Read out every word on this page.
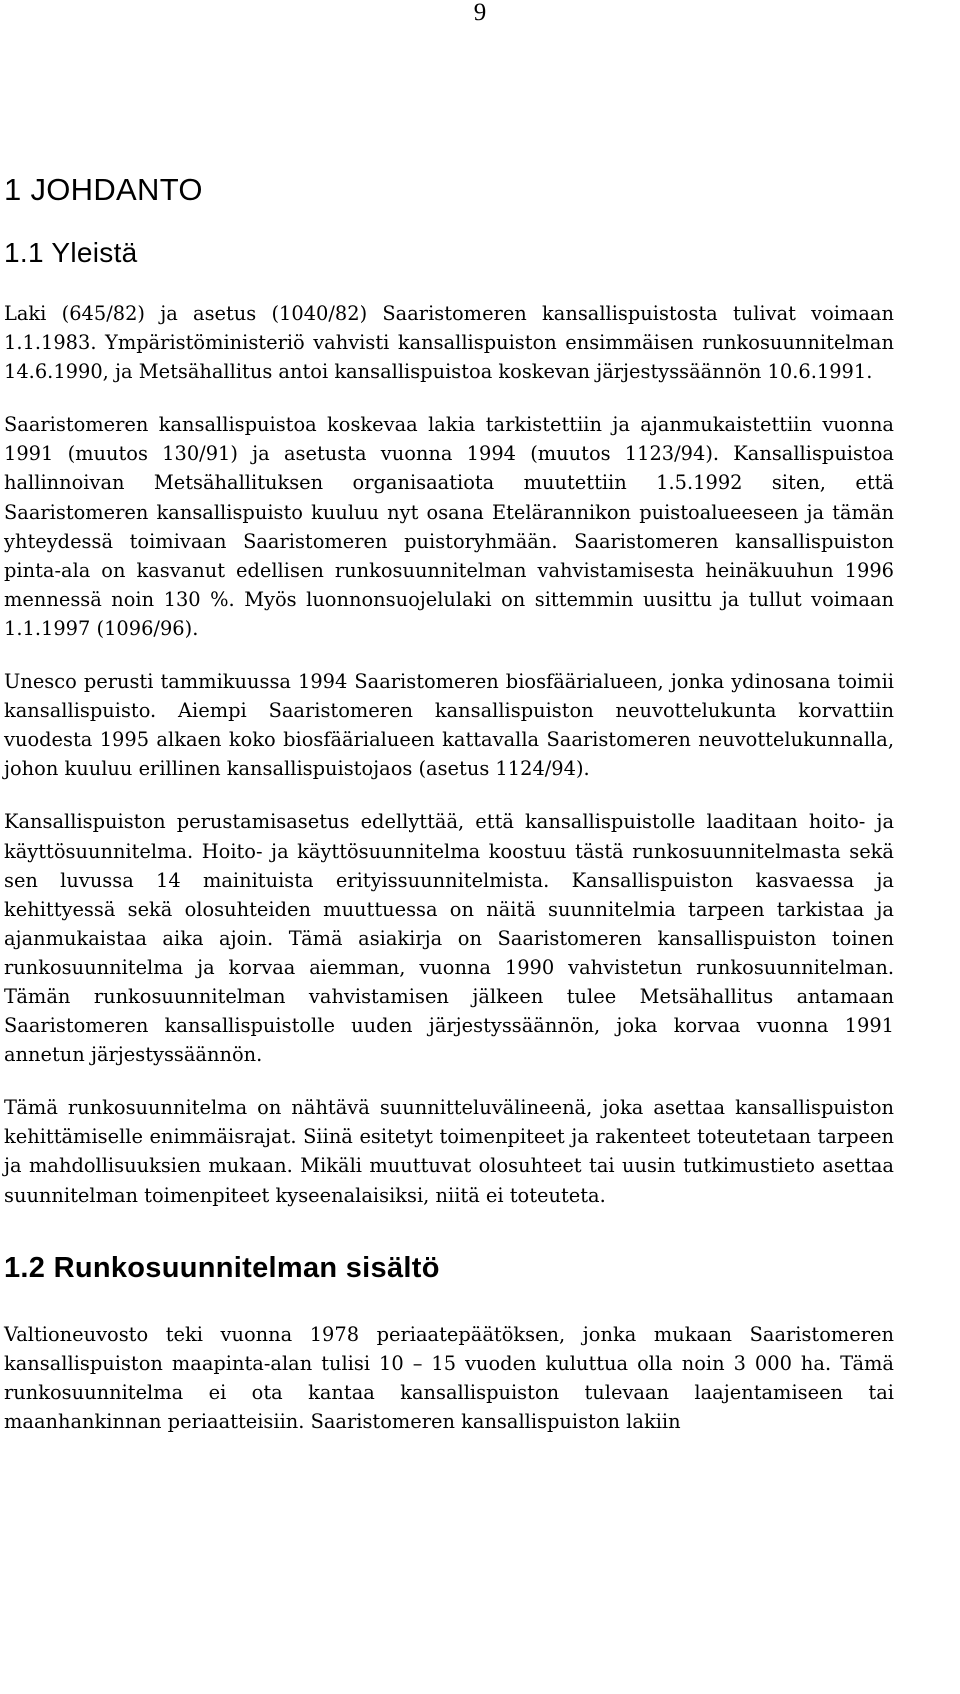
9
1 JOHDANTO
1.1 Yleistä

Laki (645/82) ja asetus (1040/82) Saaristomeren kansallispuistosta tulivat voimaan 1.1.1983. Ympäristöministeriö vahvisti kansallispuiston ensimmäisen runkosuunnitelman 14.6.1990, ja Metsähallitus antoi kansallispuistoa koskevan järjestyssäännön 10.6.1991.

Saaristomeren kansallispuistoa koskevaa lakia tarkistettiin ja ajanmukaistettiin vuonna 1991 (muutos 130/91) ja asetusta vuonna 1994 (muutos 1123/94). Kansallispuistoa hallinnoivan Metsähallituksen organisaatiota muutettiin 1.5.1992 siten, että Saaristomeren kansallispuisto kuuluu nyt osana Etelärannikon puistoalueeseen ja tämän yhteydessä toimivaan Saaristomeren puistoryhmään. Saaristomeren kansallispuiston pinta-ala on kasvanut edellisen runkosuunnitelman vahvistamisesta heinäkuuhun 1996 mennessä noin 130 %. Myös luonnonsuojelulaki on sittemmin uusittu ja tullut voimaan 1.1.1997 (1096/96).

Unesco perusti tammikuussa 1994 Saaristomeren biosfäärialueen, jonka ydinosana toimii kansallispuisto. Aiempi Saaristomeren kansallispuiston neuvottelukunta korvattiin vuodesta 1995 alkaen koko biosfäärialueen kattavalla Saaristomeren neuvottelukunnalla, johon kuuluu erillinen kansallispuistojaos (asetus 1124/94).

Kansallispuiston perustamisasetus edellyttää, että kansallispuistolle laaditaan hoito- ja käyttösuunnitelma. Hoito- ja käyttösuunnitelma koostuu tästä runkosuunnitelmasta sekä sen luvussa 14 mainituista erityissuunnitelmista. Kansallispuiston kasvaessa ja kehittyessä sekä olosuhteiden muuttuessa on näitä suunnitelmia tarpeen tarkistaa ja ajanmukaistaa aika ajoin. Tämä asiakirja on Saaristomeren kansallispuiston toinen runkosuunnitelma ja korvaa aiemman, vuonna 1990 vahvistetun runkosuunnitelman. Tämän runkosuunnitelman vahvistamisen jälkeen tulee Metsähallitus antamaan Saaristomeren kansallispuistolle uuden järjestyssäännön, joka korvaa vuonna 1991 annetun järjestyssäännön.

Tämä runkosuunnitelma on nähtävä suunnitteluvälineenä, joka asettaa kansallispuiston kehittämiselle enimmäisrajat. Siinä esitetyt toimenpiteet ja rakenteet toteutetaan tarpeen ja mahdollisuuksien mukaan. Mikäli muuttuvat olosuhteet tai uusin tutkimustieto asettaa suunnitelman toimenpiteet kyseenalaisiksi, niitä ei toteuteta.

1.2 Runkosuunnitelman sisältö

Valtioneuvosto teki vuonna 1978 periaatepäätöksen, jonka mukaan Saaristomeren kansallispuiston maapinta-alan tulisi 10 – 15 vuoden kuluttua olla noin 3 000 ha. Tämä runkosuunnitelma ei ota kantaa kansallispuiston tulevaan laajentamiseen tai maanhankinnan periaatteisiin. Saaristomeren kansallispuiston lakiin
